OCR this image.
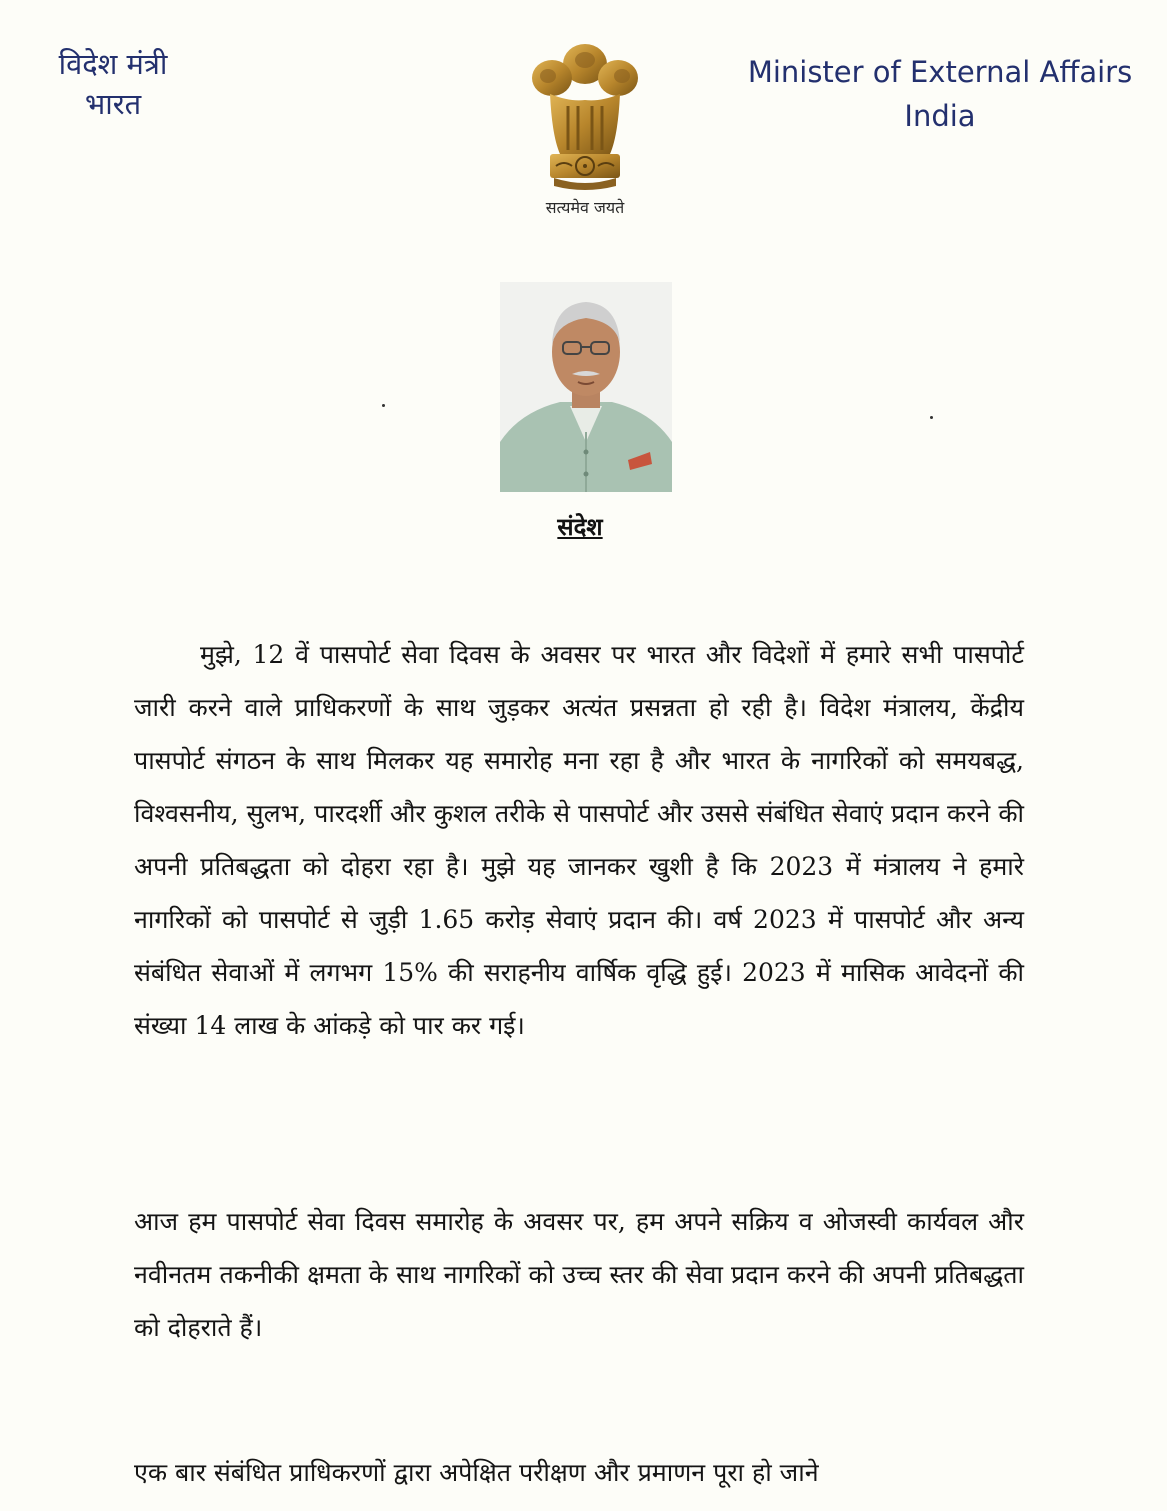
विदेश मंत्री
भारत
सत्यमेव जयते
Minister of External Affairs
India
संदेश
मुझे, 12 वें पासपोर्ट सेवा दिवस के अवसर पर भारत और विदेशों में हमारे सभी पासपोर्ट जारी करने वाले प्राधिकरणों के साथ जुड़कर अत्यंत प्रसन्नता हो रही है। विदेश मंत्रालय, केंद्रीय पासपोर्ट संगठन के साथ मिलकर यह समारोह मना रहा है और भारत के नागरिकों को समयबद्ध, विश्वसनीय, सुलभ, पारदर्शी और कुशल तरीके से पासपोर्ट और उससे संबंधित सेवाएं प्रदान करने की अपनी प्रतिबद्धता को दोहरा रहा है। मुझे यह जानकर खुशी है कि 2023 में मंत्रालय ने हमारे नागरिकों को पासपोर्ट से जुड़ी 1.65 करोड़ सेवाएं प्रदान की। वर्ष 2023 में पासपोर्ट और अन्य संबंधित सेवाओं में लगभग 15% की सराहनीय वार्षिक वृद्धि हुई। 2023 में मासिक आवेदनों की संख्या 14 लाख के आंकड़े को पार कर गई।
आज हम पासपोर्ट सेवा दिवस समारोह के अवसर पर, हम अपने सक्रिय व ओजस्वी कार्यवल और नवीनतम तकनीकी क्षमता के साथ नागरिकों को उच्च स्तर की सेवा प्रदान करने की अपनी प्रतिबद्धता को दोहराते हैं।
एक बार संबंधित प्राधिकरणों द्वारा अपेक्षित परीक्षण और प्रमाणन पूरा हो जाने
